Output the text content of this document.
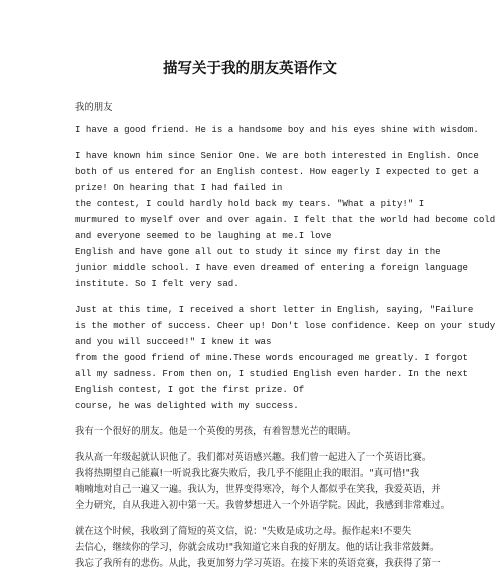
描写关于我的朋友英语作文
我的朋友
I have a good friend. He is a handsome boy and his eyes shine with wisdom.
I have known him since Senior One. We are both interested in English. Once
both of us entered for an English contest. How eagerly I expected to get a
prize! On hearing that I had failed in
the contest, I could hardly hold back my tears. "What a pity!" I
murmured to myself over and over again. I felt that the world had become cold
and everyone seemed to be laughing at me.I love
English and have gone all out to study it since my first day in the
junior middle school. I have even dreamed of entering a foreign language
institute. So I felt very sad.
Just at this time, I received a short letter in English, saying, "Failure
is the mother of success. Cheer up! Don't lose confidence. Keep on your study
and you will succeed!" I knew it was
from the good friend of mine.These words encouraged me greatly. I forgot
all my sadness. From then on, I studied English even harder. In the next
English contest, I got the first prize. Of
course, he was delighted with my success.
我有一个很好的朋友。他是一个英俊的男孩，有着智慧光芒的眼睛。
我从高一年级起就认识他了。我们都对英语感兴趣。我们曾一起进入了一个英语比赛。
我将热期望自己能赢!一听说我比赛失败后，我几乎不能阻止我的眼泪。"真可惜!"我
喃喃地对自己一遍又一遍。我认为，世界变得寒冷，每个人都似乎在笑我，我爱英语，并
全力研究，自从我进入初中第一天。我曾梦想进入一个外语学院。因此，我感到非常难过。
就在这个时候，我收到了简短的英文信，说："失败是成功之母。振作起来!不要失
去信心，继续你的学习，你就会成功!"我知道它来自我的好朋友。他的话让我非常鼓舞。
我忘了我所有的悲伤。从此，我更加努力学习英语。在接下来的英语竞赛，我获得了第一
